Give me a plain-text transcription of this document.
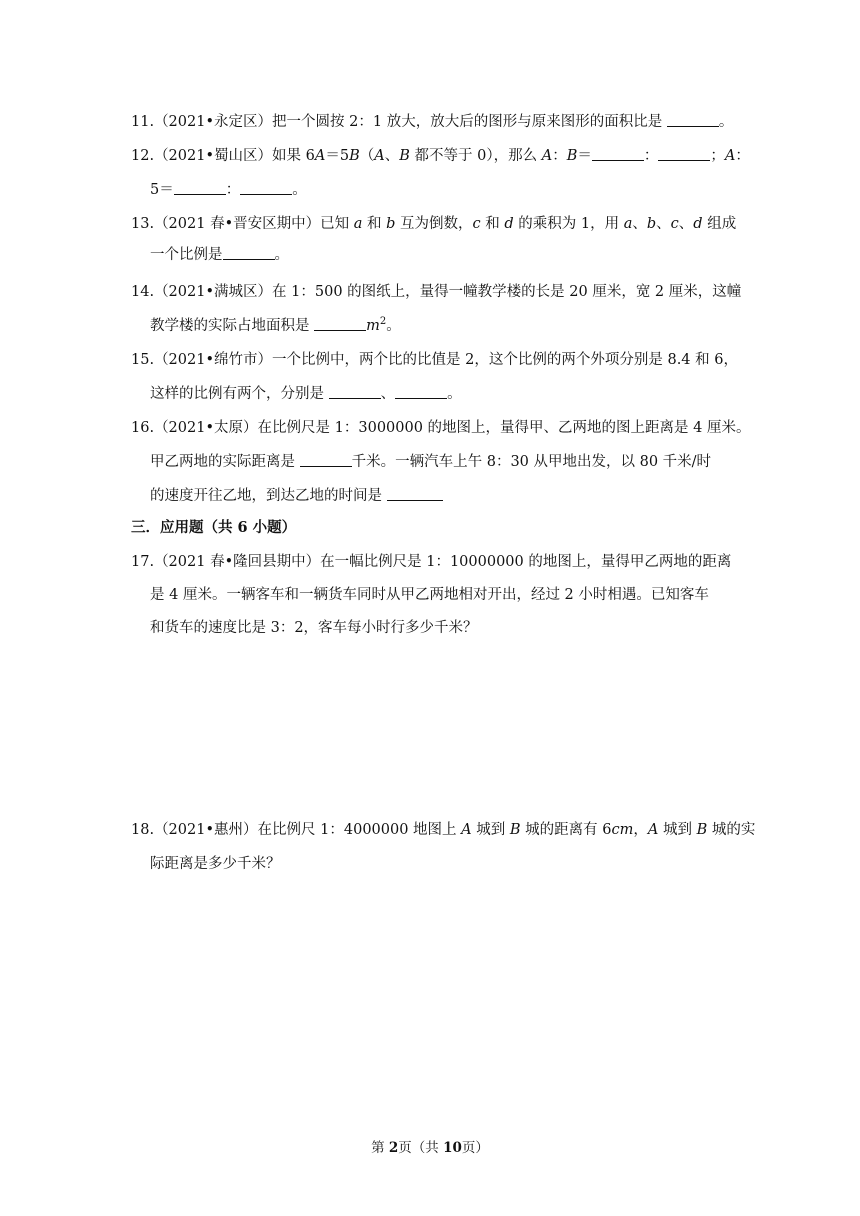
11.（2021•永定区）把一个圆按 2：1 放大，放大后的图形与原来图形的面积比是	。
12.（2021•蜀山区）如果 6A＝5B（A、B 都不等于 0），那么 A：B＝	：	；A：
5＝	：	。
13.（2021 春•晋安区期中）已知 a 和 b 互为倒数，c 和 d 的乘积为 1，用 a、b、c、d 组成
一个比例是	。
14.（2021•满城区）在 1：500 的图纸上，量得一幢教学楼的长是 20 厘米，宽 2 厘米，这幢
教学楼的实际占地面积是	$m^2$。
15.（2021•绵竹市）一个比例中，两个比的比值是 2，这个比例的两个外项分别是 8.4 和 6，
这样的比例有两个，分别是	、	。
16.（2021•太原）在比例尺是 1：3000000 的地图上，量得甲、乙两地的图上距离是 4 厘米。
甲乙两地的实际距离是	千米。一辆汽车上午 8：30 从甲地出发，以 80 千米/时
的速度开往乙地，到达乙地的时间是
三．应用题（共 6 小题）
17.（2021 春•隆回县期中）在一幅比例尺是 1：10000000 的地图上，量得甲乙两地的距离
是 4 厘米。一辆客车和一辆货车同时从甲乙两地相对开出，经过 2 小时相遇。已知客车
和货车的速度比是 3：2，客车每小时行多少千米？
18.（2021•惠州）在比例尺 1：4000000 地图上 A 城到 B 城的距离有 6cm，A 城到 B 城的实
际距离是多少千米？
第 2页（共 10页）
